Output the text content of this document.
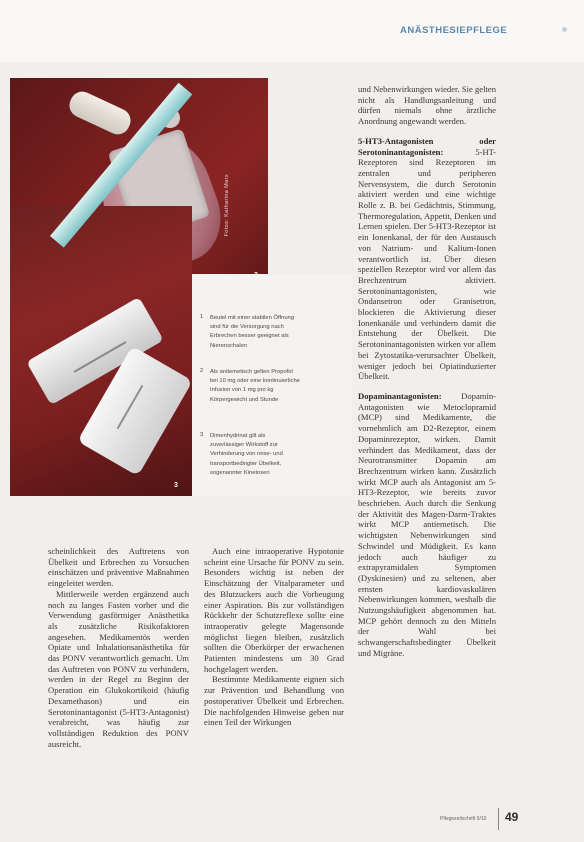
ANÄSTHESIEPFLEGE
Fotos: Katharina Marx
3
1 Beutel mit einer stabilen Öffnung sind für die Versorgung nach Erbrechen besser geeignet als Nierenschalen
2 Als antiemetisch gelten Propofol bei 10 mg oder eine kontinuierliche Infusion von 1 mg pro kg Körpergewicht und Stunde
3 Dimenhydrinat gilt als zuverlässiger Wirkstoff zur Verhinderung von reise- und transportbedingter Übelkeit, sogenannter Kinetosen
und Nebenwirkungen wieder. Sie gelten nicht als Handlungsanleitung und dürfen niemals ohne ärztliche Anordnung angewandt werden.
5-HT3-Antagonisten oder Serotoninantagonisten:	5-HT-Rezeptoren sind Rezeptoren im zentralen und peripheren Nervensystem, die durch Serotonin aktiviert werden und eine wichtige Rolle z. B. bei Gedächtnis, Stimmung, Thermoregulation, Appetit, Denken und Lernen spielen. Der 5-HT3-Rezeptor ist ein Ionenkanal, der für den Austausch von Natrium- und Kalium-Ionen verantwortlich ist. Über diesen speziellen Rezeptor wird vor allem das Brechzentrum aktiviert. Serotoninantagonisten, wie Ondansetron oder Granisetron, blockieren die Aktivierung dieser Ionenkanäle und verhindern damit die Entstehung der Übelkeit. Die Serotoninantagonisten wirken vor allem bei Zytostatika-verursachter Übelkeit, weniger jedoch bei Opiatinduzierter Übelkeit.
Dopaminantagonisten: Dopamin-Antagonisten wie Metoclopramid (MCP) sind Medikamente, die vornehmlich am D2-Rezeptor, einem Dopaminrezeptor, wirken. Damit verhindert das Medikament, dass der Neurotransmitter Dopamin am Brechzentrum wirken kann. Zusätzlich wirkt MCP auch als Antagonist am 5-HT3-Rezeptor, wie bereits zuvor beschrieben. Auch durch die Senkung der Aktivität des Magen-Darm-Traktes wirkt MCP antiemetisch. Die wichtigsten Nebenwirkungen sind Schwindel und Müdigkeit. Es kann jedoch auch häufiger zu extrapyramidalen Symptomen (Dyskinesien) und zu seltenen, aber ernsten kardiovaskulären Nebenwirkungen kommen, weshalb die Nutzungshäufigkeit abgenommen hat. MCP gehört dennoch zu den Mitteln der Wahl bei schwangerschaftsbedingter Übelkeit und Migräne.
scheinlichkeit des Auftretens von Übelkeit und Erbrechen zu Vorsuchen einschätzen und präventive Maßnahmen eingeleitet werden.
Mittlerweile werden ergänzend auch noch zu langes Fasten vorher und die Verwendung gasförmiger Anästhetika als zusätzliche Risikofaktoren angesehen. Medikamentös werden Opiate und Inhalationsanästhetika für das PONV verantwortlich gemacht. Um das Auftreten von PONV zu verhindern, werden in der Regel zu Beginn der Operation ein Glukokortikoid (häufig Dexamethason) und ein Serotoninantagonist (5-HT3-Antagonist) verabreicht, was häufig zur vollständigen Reduktion des PONV ausreicht.
Auch eine intraoperative Hypotonie scheint eine Ursache für PONV zu sein. Besonders wichtig ist neben der Einschätzung der Vitalparameter und des Blutzuckers auch die Vorbeugung einer Aspiration. Bis zur vollständigen Rückkehr der Schutzreflexe sollte eine intraoperativ gelegte Magensonde möglichst liegen bleiben, zusätzlich sollten die Oberkörper der erwachenen Patienten mindestens um 30 Grad hochgelagert werden.
Bestimmte Medikamente eignen sich zur Prävention und Behandlung von postoperativer Übelkeit und Erbrechen. Die nachfolgenden Hinweise geben nur einen Teil der Wirkungen
Pflegezeitschrift 9/10 49
